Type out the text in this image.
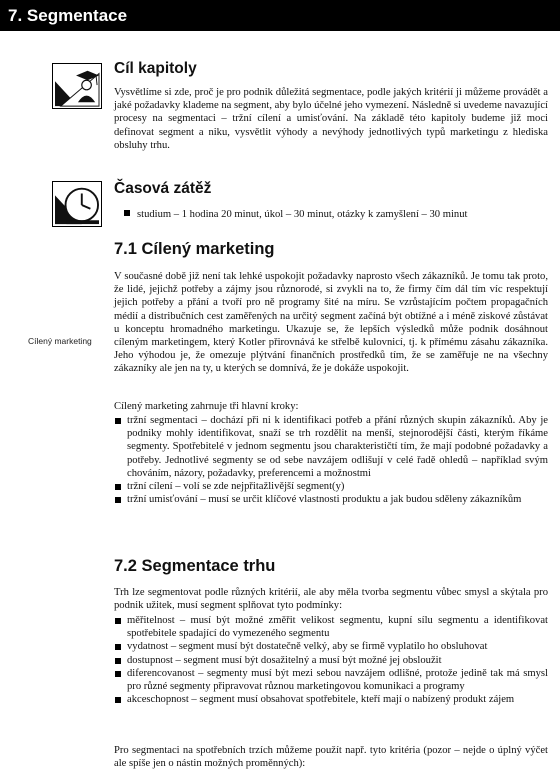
7. Segmentace
Cíl kapitoly

Vysvětlíme si zde, proč je pro podnik důležitá segmentace, podle jakých kritérií ji můžeme provádět a jaké požadavky klademe na segment, aby bylo účelné jeho vymezení. Následně si uvedeme navazující procesy na segmentaci – tržní cílení a umisťování. Na základě této kapitoly budeme již moci definovat segment a niku, vysvětlit výhody a nevýhody jednotlivých typů marketingu z hlediska obsluhy trhu.

Časová zátěž
studium – 1 hodina 20 minut, úkol – 30 minut, otázky k zamyšlení – 30 minut
7.1 Cílený marketing

V současné době již není tak lehké uspokojit požadavky naprosto všech zákazníků. Je tomu tak proto, že lidé, jejichž potřeby a zájmy jsou různorodé, si zvykli na to, že firmy čím dál tím víc respektují jejich potřeby a přání a tvoří pro ně programy šité na míru. Se vzrůstajícím počtem propagačních médií a distribučních cest zaměřených na určitý segment začíná být obtížné a i méně ziskové zůstávat u konceptu hromadného marketingu. Ukazuje se, že lepších výsledků může podnik dosáhnout cíleným marketingem, který Kotler přirovnává ke střelbě kulovnicí, tj. k přímému zásahu zákazníka. Jeho výhodou je, že omezuje plýtvání finančních prostředků tím, že se zaměřuje ne na všechny zákazníky ale jen na ty, u kterých se domnívá, že je dokáže uspokojit.

Cílený marketing

Cílený marketing zahrnuje tři hlavní kroky:

tržní segmentaci – dochází při ni k identifikaci potřeb a přání různých skupin zákazníků. Aby je podniky mohly identifikovat, snaží se trh rozdělit na menší, stejnorodější části, kterým říkáme segmenty. Spotřebitelé v jednom segmentu jsou charakterističtí tím, že mají podobné požadavky a potřeby. Jednotlivé segmenty se od sebe navzájem odlišují v celé řadě ohledů – například svým chováním, názory, požadavky, preferencemi a možnostmi
tržní cílení – volí se zde nejpřitažlivější segment(y)
tržní umisťování – musí se určit klíčové vlastnosti produktu a jak budou sděleny zákazníkům
7.2 Segmentace trhu

Trh lze segmentovat podle různých kritérií, ale aby měla tvorba segmentu vůbec smysl a skýtala pro podnik užitek, musí segment splňovat tyto podmínky:

měřitelnost – musí být možné změřit velikost segmentu, kupní sílu segmentu a identifikovat spotřebitele spadající do vymezeného segmentu
vydatnost – segment musí být dostatečně velký, aby se firmě vyplatilo ho obsluhovat
dostupnost – segment musí být dosažitelný a musí být možné jej obsloužit
diferencovanost – segmenty musí být mezi sebou navzájem odlišné, protože jedině tak má smysl pro různé segmenty připravovat různou marketingovou komunikaci a programy
akceschopnost – segment musí obsahovat spotřebitele, kteří mají o nabízený produkt zájem

Pro segmentaci na spotřebních trzích můžeme použít např. tyto kritéria (pozor – nejde o úplný výčet ale spíše jen o nástin možných proměnných):
